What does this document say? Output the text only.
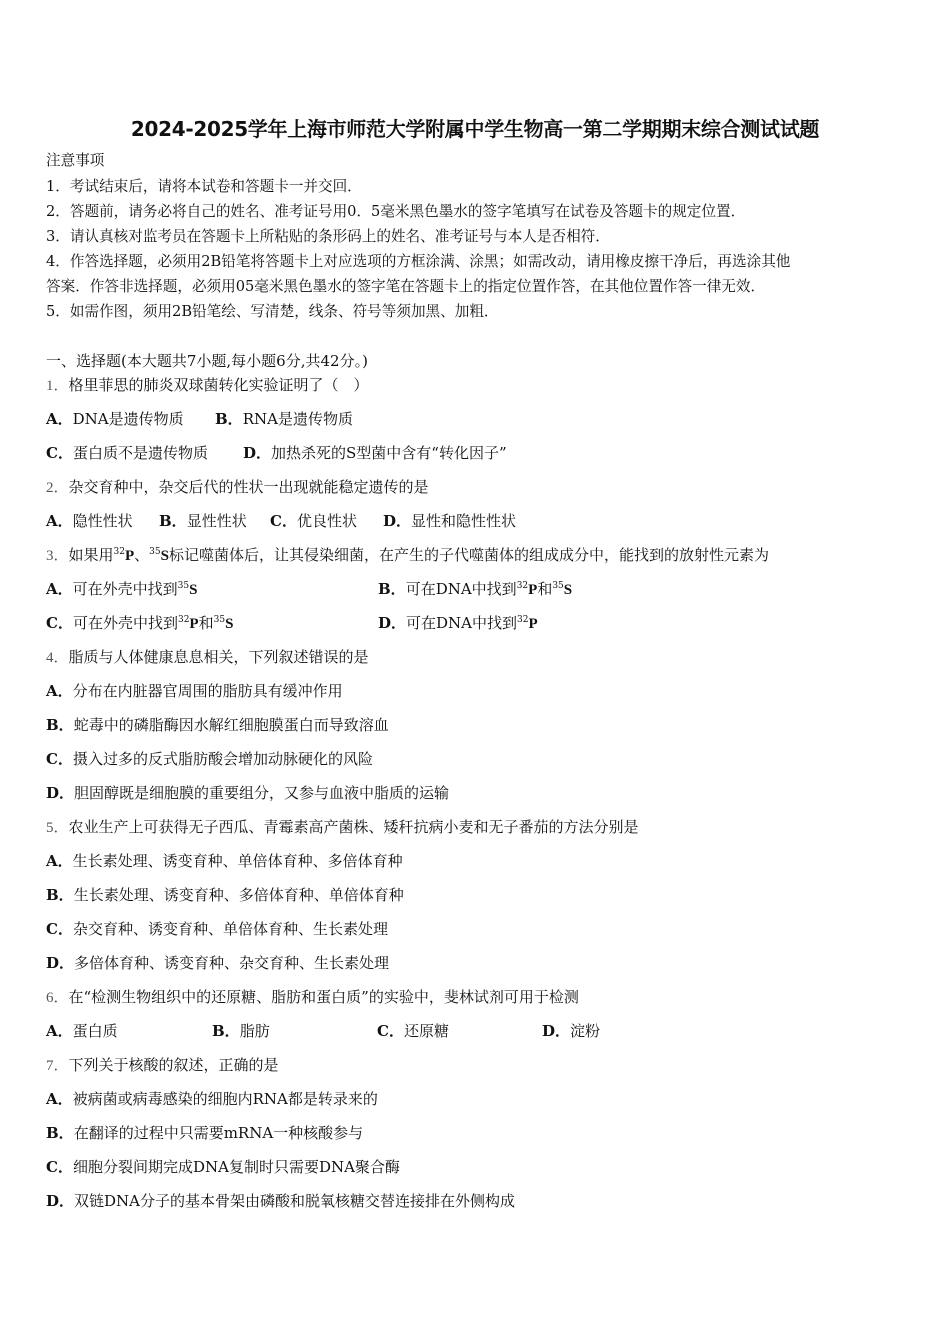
2024-2025学年上海市师范大学附属中学生物高一第二学期期末综合测试试题
注意事项
1．考试结束后，请将本试卷和答题卡一并交回．
2．答题前，请务必将自己的姓名、准考证号用0．5毫米黑色墨水的签字笔填写在试卷及答题卡的规定位置．
3．请认真核对监考员在答题卡上所粘贴的条形码上的姓名、准考证号与本人是否相符．
4．作答选择题，必须用2B铅笔将答题卡上对应选项的方框涂满、涂黑；如需改动，请用橡皮擦干净后，再选涂其他
答案．作答非选择题，必须用05毫米黑色墨水的签字笔在答题卡上的指定位置作答，在其他位置作答一律无效．
5．如需作图，须用2B铅笔绘、写清楚，线条、符号等须加黑、加粗．
一、选择题(本大题共7小题,每小题6分,共42分。)
1．格里菲思的肺炎双球菌转化实验证明了（　）
A．DNA是遗传物质 B．RNA是遗传物质
C．蛋白质不是遗传物质 D．加热杀死的S型菌中含有“转化因子”
2．杂交育种中，杂交后代的性状一出现就能稳定遗传的是
A．隐性性状 B．显性性状 C．优良性状 D．显性和隐性性状
3．如果用$^{32}$P、$^{35}$S标记噬菌体后，让其侵染细菌，在产生的子代噬菌体的组成成分中，能找到的放射性元素为
A．可在外壳中找到$^{35}$S	B．可在DNA中找到$^{32}$P和$^{35}$S
C．可在外壳中找到$^{32}$P和$^{35}$S	D．可在DNA中找到$^{32}$P
4．脂质与人体健康息息相关，下列叙述错误的是
A．分布在内脏器官周围的脂肪具有缓冲作用
B．蛇毒中的磷脂酶因水解红细胞膜蛋白而导致溶血
C．摄入过多的反式脂肪酸会增加动脉硬化的风险
D．胆固醇既是细胞膜的重要组分，又参与血液中脂质的运输
5．农业生产上可获得无子西瓜、青霉素高产菌株、矮秆抗病小麦和无子番茄的方法分别是
A．生长素处理、诱变育种、单倍体育种、多倍体育种
B．生长素处理、诱变育种、多倍体育种、单倍体育种
C．杂交育种、诱变育种、单倍体育种、生长素处理
D．多倍体育种、诱变育种、杂交育种、生长素处理
6．在“检测生物组织中的还原糖、脂肪和蛋白质”的实验中，斐林试剂可用于检测
A．蛋白质	B．脂肪	C．还原糖	D．淀粉
7．下列关于核酸的叙述，正确的是
A．被病菌或病毒感染的细胞内RNA都是转录来的
B．在翻译的过程中只需要mRNA一种核酸参与
C．细胞分裂间期完成DNA复制时只需要DNA聚合酶
D．双链DNA分子的基本骨架由磷酸和脱氧核糖交替连接排在外侧构成
